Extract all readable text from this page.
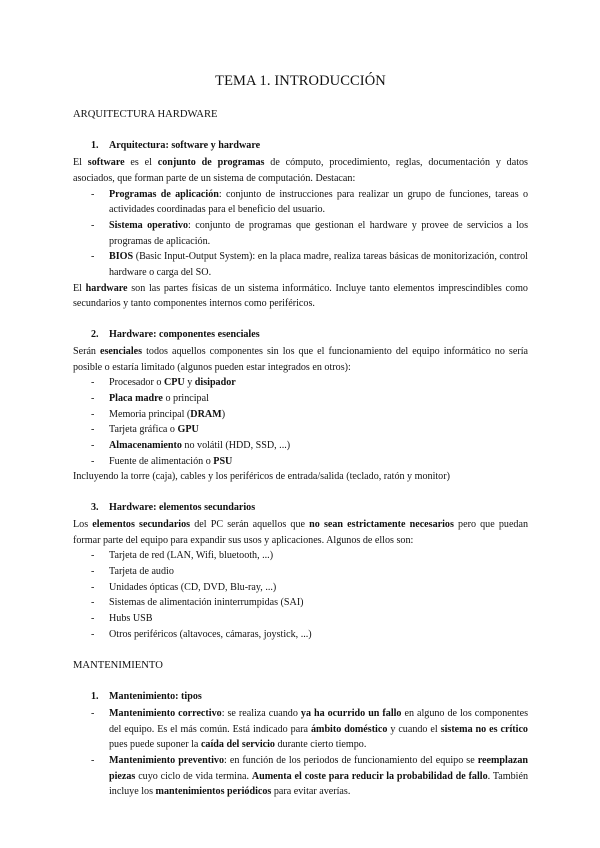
TEMA 1. INTRODUCCIÓN
ARQUITECTURA HARDWARE
1. Arquitectura: software y hardware

El software es el conjunto de programas de cómputo, procedimiento, reglas, documentación y datos asociados, que forman parte de un sistema de computación. Destacan:

- Programas de aplicación: conjunto de instrucciones para realizar un grupo de funciones, tareas o actividades coordinadas para el beneficio del usuario.
- Sistema operativo: conjunto de programas que gestionan el hardware y provee de servicios a los programas de aplicación.
- BIOS (Basic Input-Output System): en la placa madre, realiza tareas básicas de monitorización, control hardware o carga del SO.

El hardware son las partes físicas de un sistema informático. Incluye tanto elementos imprescindibles como secundarios y tanto componentes internos como periféricos.

2. Hardware: componentes esenciales

Serán esenciales todos aquellos componentes sin los que el funcionamiento del equipo informático no sería posible o estaría limitado (algunos pueden estar integrados en otros):

- Procesador o CPU y disipador
- Placa madre o principal
- Memoria principal (DRAM)
- Tarjeta gráfica o GPU
- Almacenamiento no volátil (HDD, SSD, ...)
- Fuente de alimentación o PSU

Incluyendo la torre (caja), cables y los periféricos de entrada/salida (teclado, ratón y monitor)

3. Hardware: elementos secundarios

Los elementos secundarios del PC serán aquellos que no sean estrictamente necesarios pero que puedan formar parte del equipo para expandir sus usos y aplicaciones. Algunos de ellos son:

- Tarjeta de red (LAN, Wifi, bluetooth, ...)
- Tarjeta de audio
- Unidades ópticas (CD, DVD, Blu-ray, ...)
- Sistemas de alimentación ininterrumpidas (SAI)
- Hubs USB
- Otros periféricos (altavoces, cámaras, joystick, ...)
MANTENIMIENTO
1. Mantenimiento: tipos
- Mantenimiento correctivo: se realiza cuando ya ha ocurrido un fallo en alguno de los componentes del equipo. Es el más común. Está indicado para ámbito doméstico y cuando el sistema no es crítico pues puede suponer la caída del servicio durante cierto tiempo.
- Mantenimiento preventivo: en función de los periodos de funcionamiento del equipo se reemplazan piezas cuyo ciclo de vida termina. Aumenta el coste para reducir la probabilidad de fallo. También incluye los mantenimientos periódicos para evitar averías.
